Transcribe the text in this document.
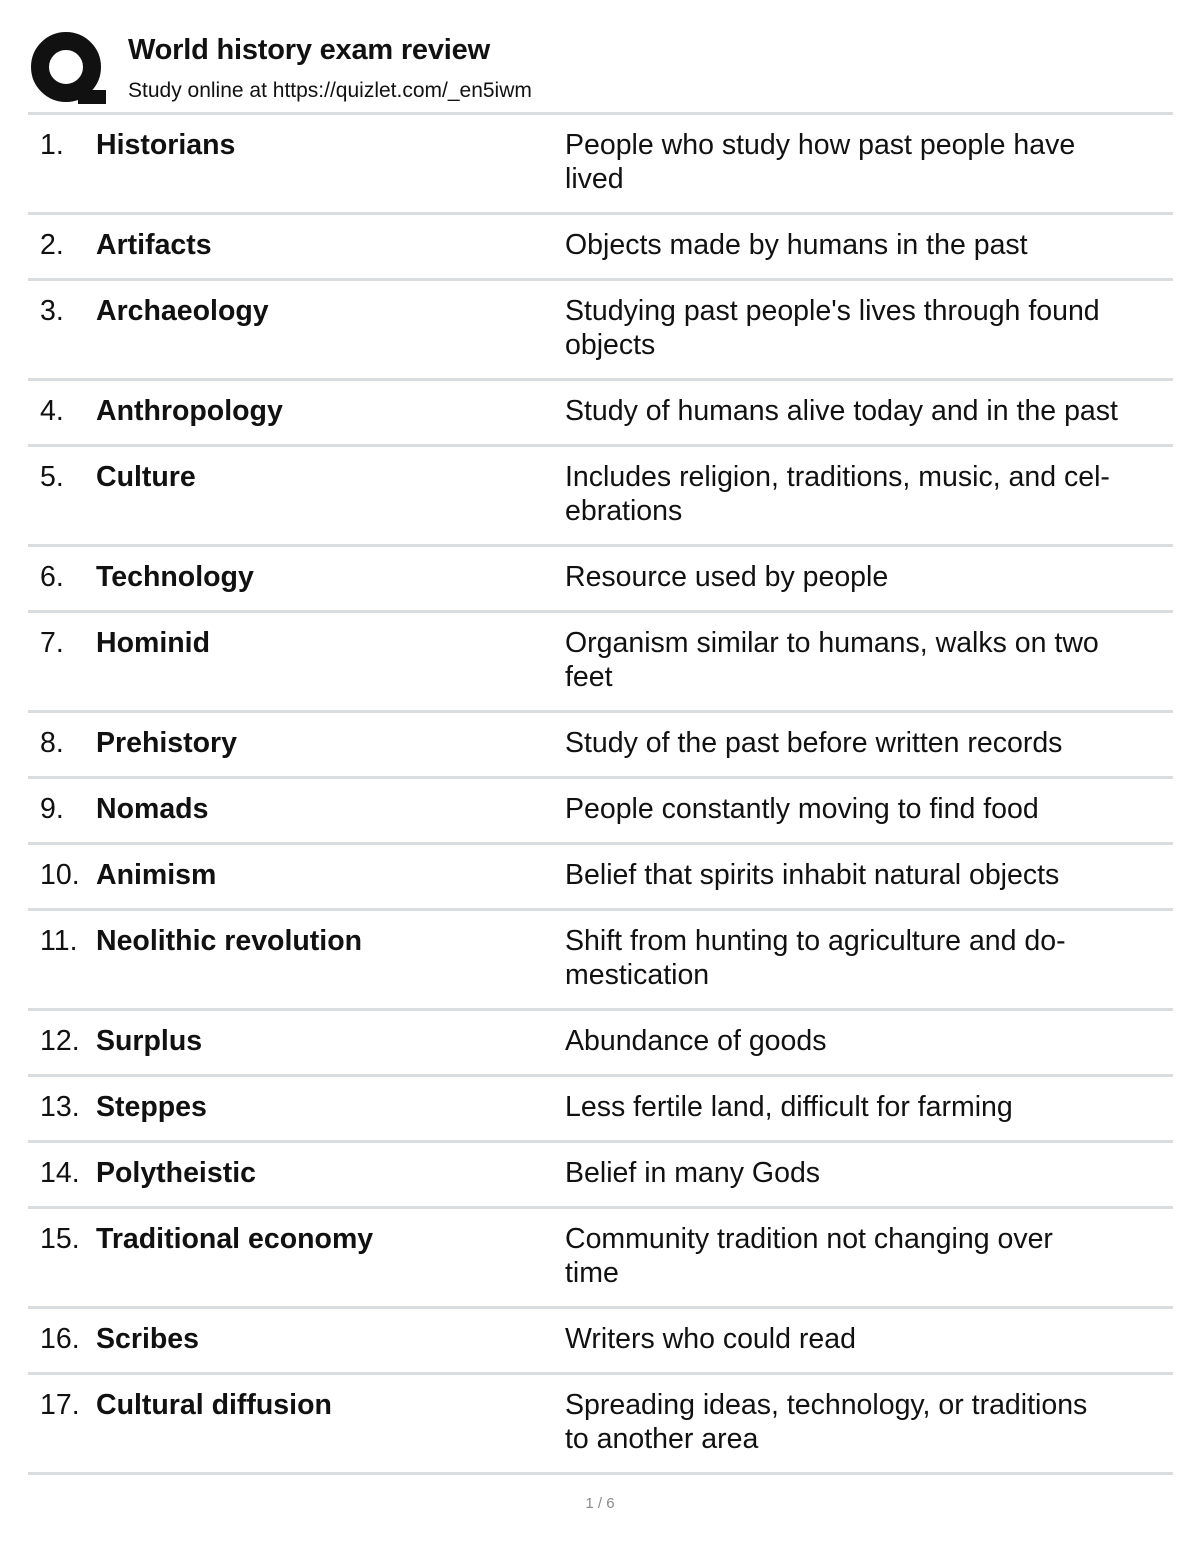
World history exam review
Study online at https://quizlet.com/_en5iwm
1. Historians	People who study how past people have
lived
2. Artifacts	Objects made by humans in the past
3. Archaeology	Studying past people's lives through found
objects
4. Anthropology	Study of humans alive today and in the past
5. Culture	Includes religion, traditions, music, and cel-
ebrations
6. Technology	Resource used by people
7. Hominid	Organism similar to humans, walks on two
feet
8. Prehistory	Study of the past before written records
9. Nomads	People constantly moving to find food
10. Animism	Belief that spirits inhabit natural objects
11. Neolithic revolution	Shift from hunting to agriculture and do-
mestication
12. Surplus	Abundance of goods
13. Steppes	Less fertile land, difficult for farming
14. Polytheistic	Belief in many Gods
15. Traditional economy	Community tradition not changing over
time
16. Scribes	Writers who could read
17. Cultural diffusion	Spreading ideas, technology, or traditions
to another area
1 / 6
